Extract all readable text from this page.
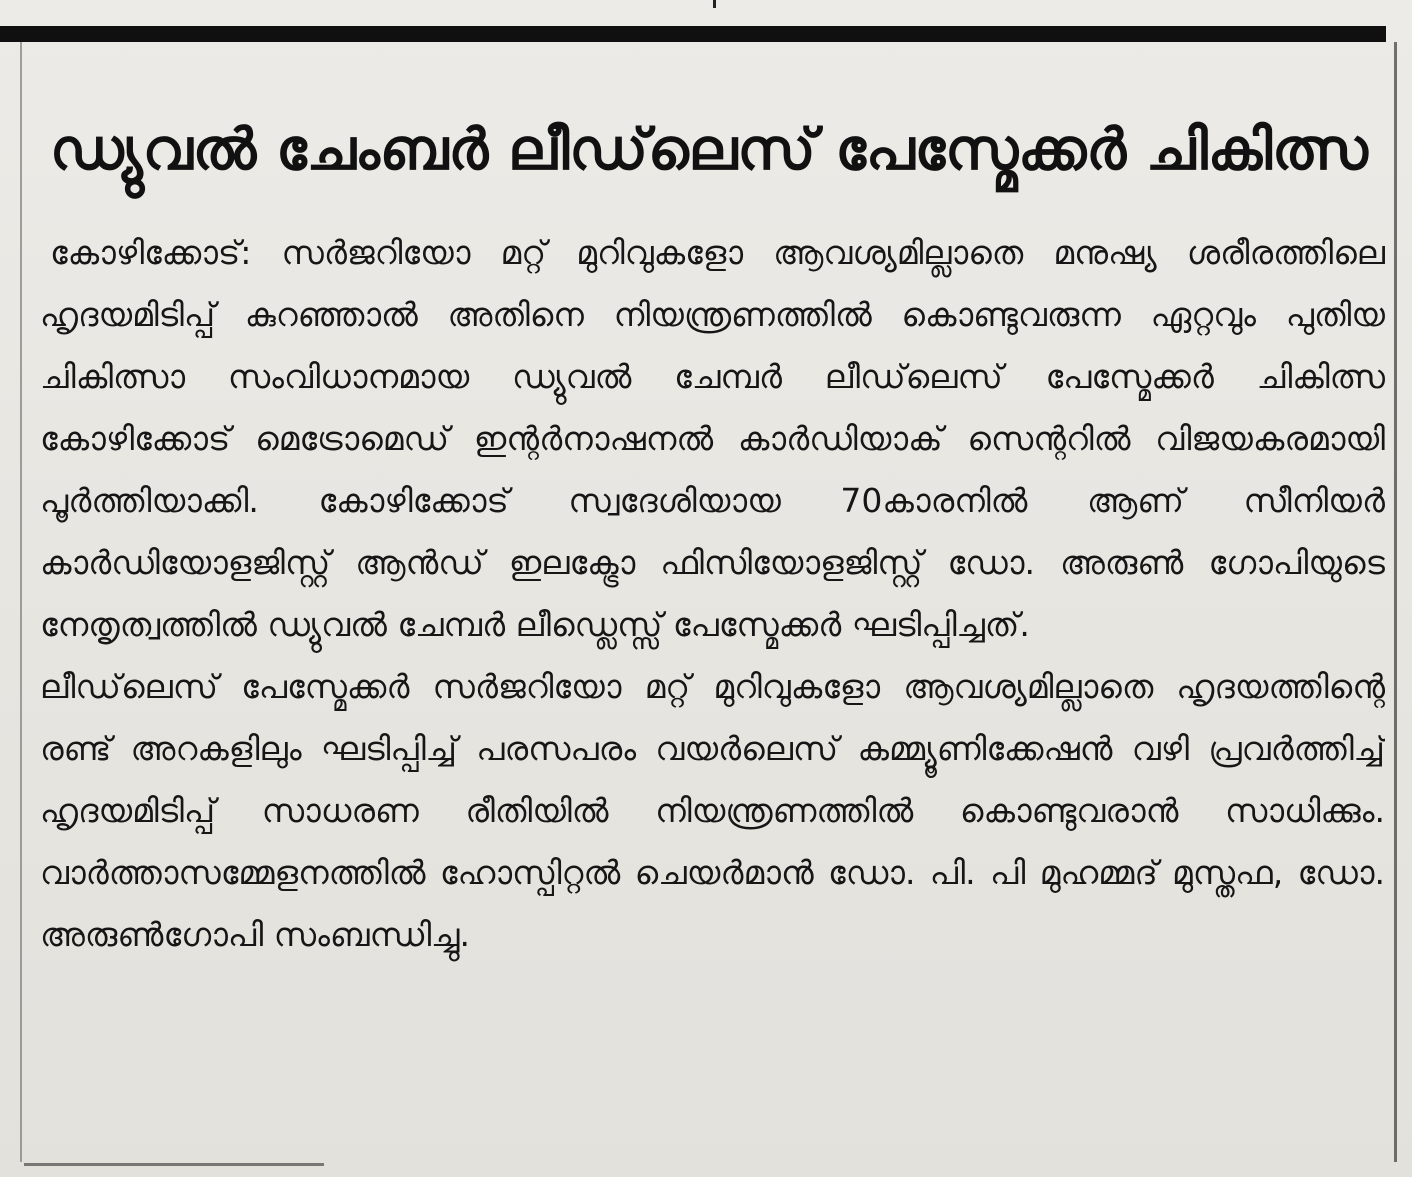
ഡ്യുവൽ ചേംബർ ലീഡ്‌ലെസ് പേസ്മേക്കർ ചികിത്സ

കോഴിക്കോട്: സർജറിയോ മറ്റ് മുറിവുകളോ ആവശ്യമില്ലാതെ മനുഷ്യ ശരീരത്തിലെ ഹൃദയമിടിപ്പ് കുറഞ്ഞാൽ അതിനെ നിയന്ത്രണത്തിൽ കൊണ്ടുവരുന്ന ഏറ്റവും പുതിയ ചികിത്സാ സംവിധാനമായ ഡ്യുവൽ ചേമ്പർ ലീഡ്‌ലെസ് പേസ്മേക്കർ ചികിത്സ കോഴിക്കോട് മെട്രോമെഡ് ഇന്റർനാഷനൽ കാർഡിയാക് സെന്ററിൽ വിജയകരമായി പൂർത്തിയാക്കി. കോഴിക്കോട് സ്വദേശിയായ 70കാരനിൽ ആണ് സീനിയർ കാർഡിയോളജിസ്റ്റ് ആൻഡ് ഇലക്ട്രോ ഫിസിയോളജിസ്റ്റ് ഡോ. അരുൺ ഗോപിയുടെ നേതൃത്വത്തിൽ ഡ്യുവൽ ചേമ്പർ ലീഡ്ലെസ്സ് പേസ്മേക്കർ ഘടിപ്പിച്ചത്.

ലീഡ്‌ലെസ് പേസ്മേക്കർ സർജറിയോ മറ്റ് മുറിവുകളോ ആവശ്യമില്ലാതെ ഹൃദയത്തിന്റെ രണ്ട് അറകളിലും ഘടിപ്പിച്ച് പരസപരം വയർലെസ് കമ്മ്യൂണിക്കേഷൻ വഴി പ്രവർത്തിച്ച് ഹൃദയമിടിപ്പ് സാധരണ രീതിയിൽ നിയന്ത്രണത്തിൽ കൊണ്ടുവരാൻ സാധിക്കും. വാർത്താസമ്മേളനത്തിൽ ഹോസ്പിറ്റൽ ചെയർമാൻ ഡോ. പി. പി മുഹമ്മദ് മുസ്തഫ, ഡോ. അരുൺഗോപി സംബന്ധിച്ചു.
